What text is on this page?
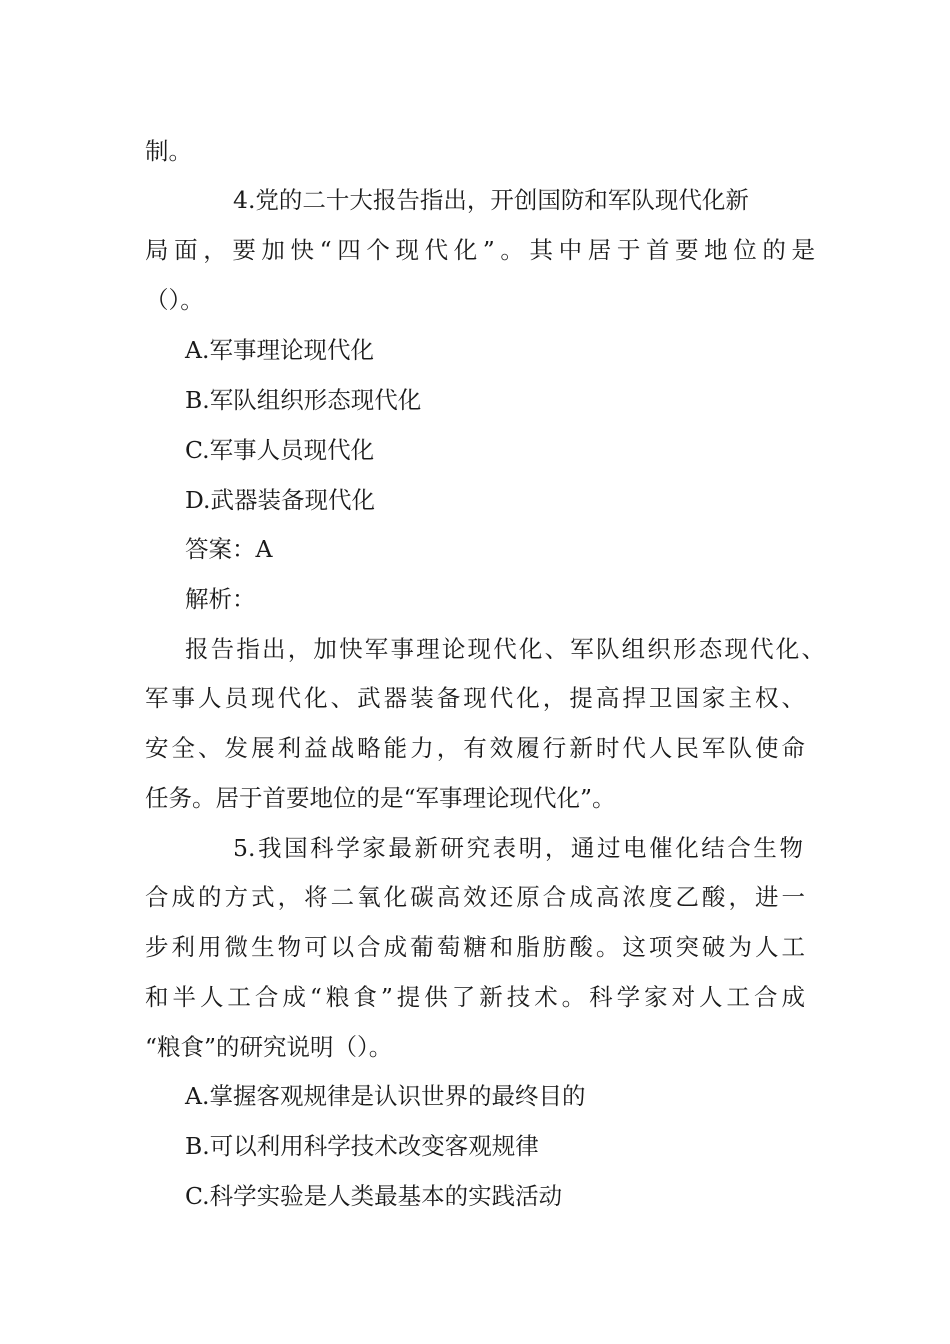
制。
4.党的二十大报告指出，开创国防和军队现代化新
局面，要加快“四个现代化”。其中居于首要地位的是
（）。
A.军事理论现代化
B.军队组织形态现代化
C.军事人员现代化
D.武器装备现代化
答案：A
解析：
报告指出，加快军事理论现代化、军队组织形态现代化、
军事人员现代化、武器装备现代化，提高捍卫国家主权、
安全、发展利益战略能力，有效履行新时代人民军队使命
任务。居于首要地位的是“军事理论现代化”。
5.我国科学家最新研究表明，通过电催化结合生物
合成的方式，将二氧化碳高效还原合成高浓度乙酸，进一
步利用微生物可以合成葡萄糖和脂肪酸。这项突破为人工
和半人工合成“粮食”提供了新技术。科学家对人工合成
“粮食”的研究说明（）。
A.掌握客观规律是认识世界的最终目的
B.可以利用科学技术改变客观规律
C.科学实验是人类最基本的实践活动
